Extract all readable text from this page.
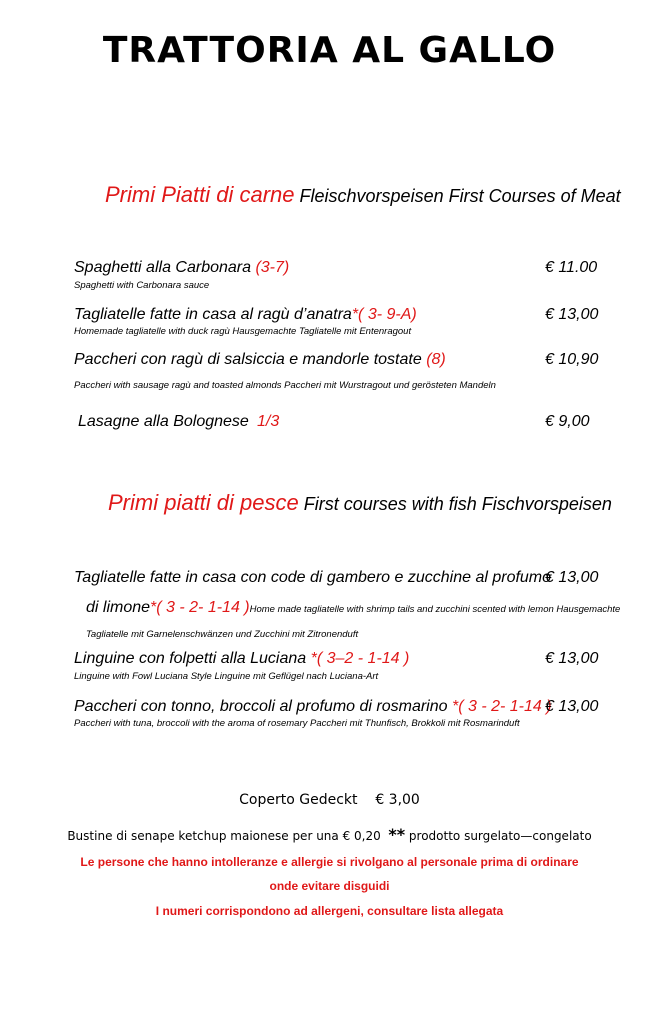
TRATTORIA AL GALLO
Primi Piatti di carne Fleischvorspeisen First Courses of Meat
Spaghetti alla Carbonara (3-7)
Spaghetti with Carbonara sauce
€ 11.00
Tagliatelle fatte in casa al ragù d’anatra*( 3- 9-A)
Homemade tagliatelle with duck ragù Hausgemachte Tagliatelle mit Entenragout
€ 13,00
Paccheri con ragù di salsiccia e mandorle tostate (8)
Paccheri with sausage ragù and toasted almonds Paccheri mit Wurstragout und gerösteten Mandeln
€ 10,90
Lasagne alla Bolognese 1/3	€ 9,00
Primi piatti di pesce First courses with fish Fischvorspeisen
Tagliatelle fatte in casa con code di gambero e zucchine al profumo
€ 13,00
di limone*( 3 - 2- 1-14 )Home made tagliatelle with shrimp tails and zucchini scented with lemon Hausgemachte
Tagliatelle mit Garnelenschwänzen und Zucchini mit Zitronenduft
Linguine con folpetti alla Luciana *( 3–2 - 1-14 )
Linguine with Fowl Luciana Style Linguine mit Geflügel nach Luciana-Art
€ 13,00
Paccheri con tonno, broccoli al profumo di rosmarino *( 3 - 2- 1-14 )
Paccheri with tuna, broccoli with the aroma of rosemary Paccheri mit Thunfisch, Brokkoli mit Rosmarinduft
€ 13,00
Coperto Gedeckt € 3,00
Bustine di senape ketchup maionese per una € 0,20 ** prodotto surgelato—congelato
Le persone che hanno intolleranze e allergie si rivolgano al personale prima di ordinare
onde evitare disguidi
I numeri corrispondono ad allergeni, consultare lista allegata
